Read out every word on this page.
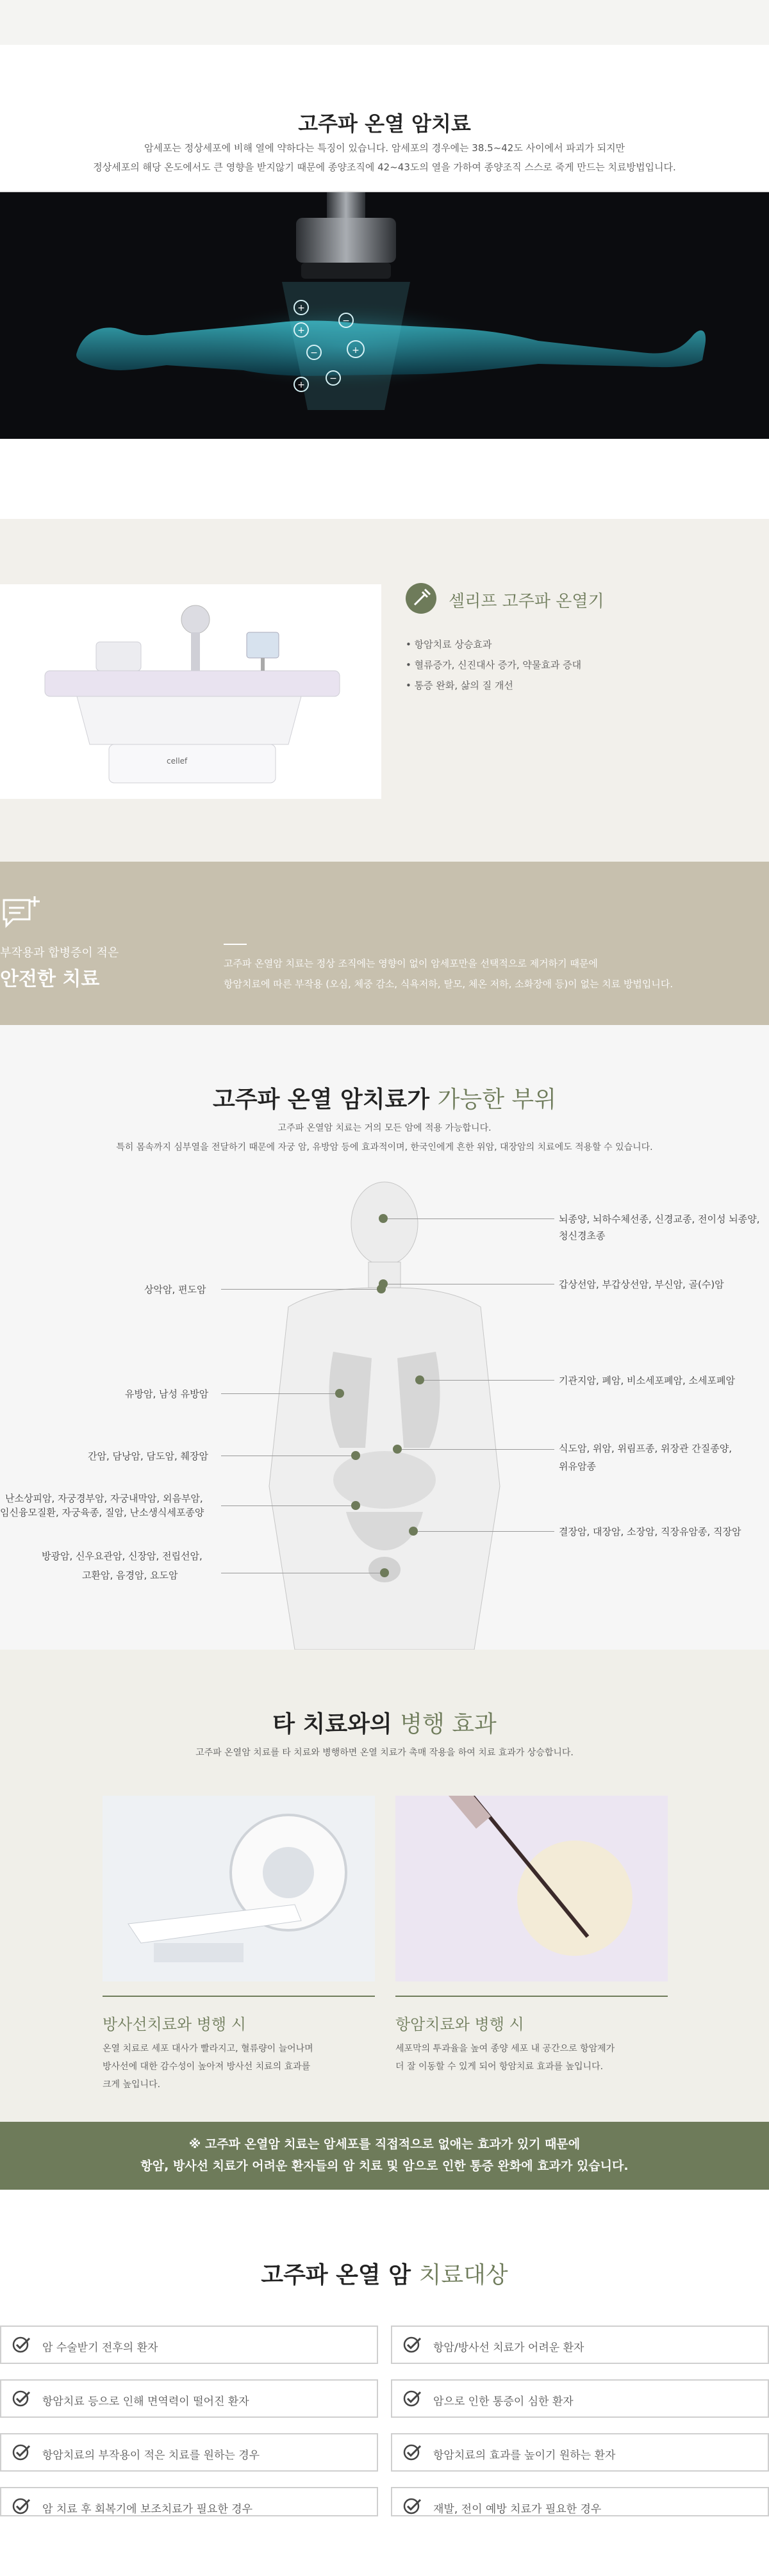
고주파 온열 암치료

암세포는 정상세포에 비해 열에 약하다는 특징이 있습니다. 암세포의 경우에는 38.5~42도 사이에서 파괴가 되지만

정상세포의 해당 온도에서도 큰 영향을 받지않기 때문에 종양조직에 42~43도의 열을 가하여 종양조직 스스로 죽게 만드는 치료방법입니다.

+
+
−
−
+
−
+
cellef
셀리프 고주파 온열기
• 항암치료 상승효과
• 혈류증가, 신진대사 증가, 약물효과 증대
• 통증 완화, 삶의 질 개선
부작용과 합병증이 적은
안전한 치료
고주파 온열암 치료는 정상 조직에는 영향이 없이 암세포만을 선택적으로 제거하기 때문에
항암치료에 따른 부작용 (오심, 체중 감소, 식욕저하, 탈모, 체온 저하, 소화장애 등)이 없는 치료 방법입니다.
고주파 온열 암치료가 가능한 부위
고주파 온열암 치료는 거의 모든 암에 적용 가능합니다.
특히 몸속까지 심부열을 전달하기 때문에 자궁 암, 유방암 등에 효과적이며, 한국인에게 흔한 위암, 대장암의 치료에도 적용할 수 있습니다.
상악암, 편도암
유방암, 남성 유방암
간암, 담낭암, 담도암, 췌장암
난소상피암, 자궁경부암, 자궁내막암, 외음부암,
임신융모질환, 자궁육종, 질암, 난소생식세포종양
방광암, 신우요관암, 신장암, 전립선암,
고환암, 음경암, 요도암
뇌종양, 뇌하수체선종, 신경교종, 전이성 뇌종양,
청신경초종
갑상선암, 부갑상선암, 부신암, 골(수)암
기관지암, 폐암, 비소세포폐암, 소세포폐암
식도암, 위암, 위림프종, 위장관 간질종양,
위유암종
결장암, 대장암, 소장암, 직장유암종, 직장암
타 치료와의 병행 효과
고주파 온열암 치료를 타 치료와 병행하면 온열 치료가 촉매 작용을 하여 치료 효과가 상승합니다.
방사선치료와 병행 시
온열 치료로 세포 대사가 빨라지고, 혈류량이 늘어나며
방사선에 대한 감수성이 높아져 방사선 치료의 효과를
크게 높입니다.
항암치료와 병행 시
세포막의 투과율을 높여 종양 세포 내 공간으로 항암제가
더 잘 이동할 수 있게 되어 항암치료 효과를 높입니다.
※ 고주파 온열암 치료는 암세포를 직접적으로 없애는 효과가 있기 때문에
항암, 방사선 치료가 어려운 환자들의 암 치료 및 암으로 인한 통증 완화에 효과가 있습니다.
고주파 온열 암 치료대상
암 수술받기 전후의 환자	항암/방사선 치료가 어려운 환자
항암치료 등으로 인해 면역력이 떨어진 환자	암으로 인한 통증이 심한 환자
항암치료의 부작용이 적은 치료를 원하는 경우	항암치료의 효과를 높이기 원하는 환자
암 치료 후 회복기에 보조치료가 필요한 경우	재발, 전이 예방 치료가 필요한 경우
